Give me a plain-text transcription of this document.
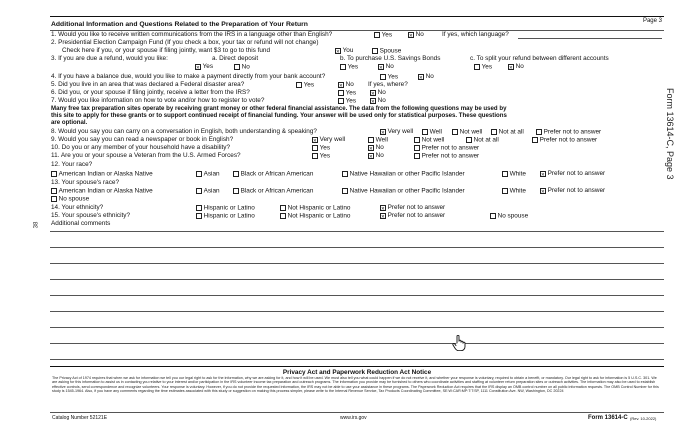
Form 13614-C, Page 3
38
Page 3
Additional Information and Questions Related to the Preparation of Your Return
1. Would you like to receive written communications from the IRS in a language other than English?	Yes ✕	No	If yes, which language?
2. Presidential Election Campaign Fund (If you check a box, your tax or refund will not change)
Check here if you, or your spouse if filing jointly, want $3 to go to this fund ✕	You	Spouse
3. If you are due a refund, would you like:	a. Direct deposit	b. To purchase U.S. Savings Bonds	c. To split your refund between different accounts
✕Yes	No	Yes ✕	No	Yes ✕	No
4. If you have a balance due, would you like to make a payment directly from your bank account?	Yes ✕	No
5. Did you live in an area that was declared a Federal disaster area?	Yes ✕	No If yes, where?
6. Did you, or your spouse if filing jointly, receive a letter from the IRS?	Yes ✕	No
7. Would you like information on how to vote and/or how to register to vote?	Yes ✕	No
Many free tax preparation sites operate by receiving grant money or other federal financial assistance. The data from the following questions may be used by
this site to apply for these grants or to support continued receipt of financial funding. Your answer will be used only for statistical purposes. These questions
are optional.
8. Would you say you can carry on a conversation in English, both understanding & speaking? ✕	Very well	Well	Not well	Not at all	Prefer not to answer
9. Would you say you can read a newspaper or book in English? ✕	Very well	Well	Not well	Not at all	Prefer not to answer
10. Do you or any member of your household have a disability?	Yes ✕	No	Prefer not to answer
11. Are you or your spouse a Veteran from the U.S. Armed Forces?	Yes ✕	No	Prefer not to answer
12. Your race?
American Indian or Alaska Native	Asian	Black or African American	Native Hawaiian or other Pacific Islander	White ✕	Prefer not to answer
13. Your spouse's race?
American Indian or Alaska Native	Asian	Black or African American	Native Hawaiian or other Pacific Islander	White ✕	Prefer not to answer
No spouse
14. Your ethnicity?	Hispanic or Latino	Not Hispanic or Latino ✕	Prefer not to answer
15. Your spouse's ethnicity?	Hispanic or Latino	Not Hispanic or Latino ✕	Prefer not to answer	No spouse
Additional comments
Privacy Act and Paperwork Reduction Act Notice
The Privacy Act of 1974 requires that when we ask for information we tell you our legal right to ask for the information, why we are asking for it, and how it will be used. We must also tell you what could happen if we do not receive it, and whether your response is voluntary, required to obtain a benefit, or mandatory. Our legal right to ask for information is 5 U.S.C. 301. We are asking for this information to assist us in contacting you relative to your interest and/or participation in the IRS volunteer income tax preparation and outreach programs. The information you provide may be furnished to others who coordinate activities and staffing at volunteer return preparation sites or outreach activities. The information may also be used to establish effective controls, send correspondence and recognize volunteers. Your response is voluntary. However, if you do not provide the requested information, the IRS may not be able to use your assistance in these programs. The Paperwork Reduction Act requires that the IRS display an OMB control number on all public information requests. The OMB Control Number for this study is 1545-1964. Also, if you have any comments regarding the time estimates associated with this study or suggestion on making this process simpler, please write to the Internal Revenue Service, Tax Products Coordinating Committee, SE:W:CAR:MP:T:T:SP, 1111 Constitution Ave. NW, Washington, DC 20224
Catalog Number 52121E	www.irs.gov	Form 13614-C (Rev. 10-2022)
